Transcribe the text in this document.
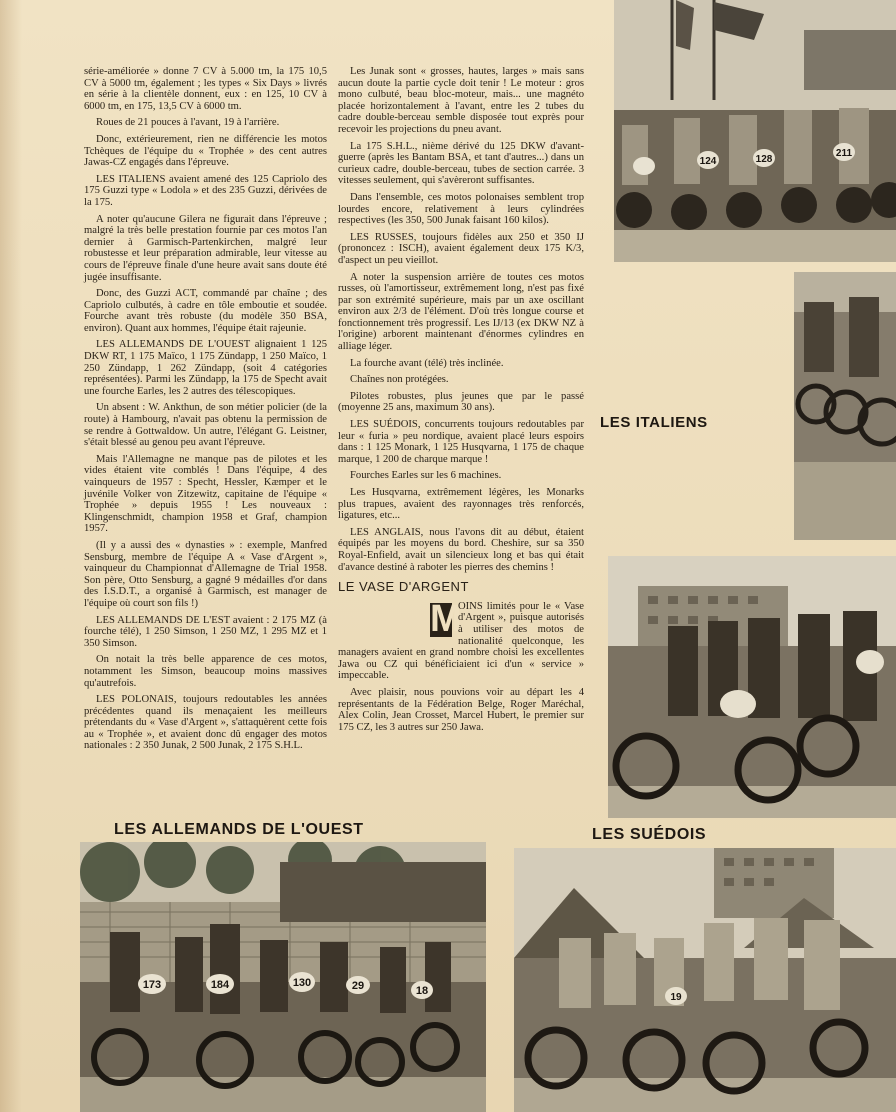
série-améliorée » donne 7 CV à 5.000 tm, la 175 10,5 CV à 5000 tm, également ; les types « Six Days » livrés en série à la clientèle donnent, eux : en 125, 10 CV à 6000 tm, en 175, 13,5 CV à 6000 tm.

Roues de 21 pouces à l'avant, 19 à l'arrière.

Donc, extérieurement, rien ne différencie les motos Tchèques de l'équipe du « Trophée » des cent autres Jawas-CZ engagés dans l'épreuve.

LES ITALIENS avaient amené des 125 Capriolo des 175 Guzzi type « Lodola » et des 235 Guzzi, dérivées de la 175.

A noter qu'aucune Gilera ne figurait dans l'épreuve ; malgré la très belle prestation fournie par ces motos l'an dernier à Garmisch-Partenkirchen, malgré leur robustesse et leur préparation admirable, leur vitesse au cours de l'épreuve finale d'une heure avait sans doute été jugée insuffisante.

Donc, des Guzzi ACT, commandé par chaîne ; des Capriolo culbutés, à cadre en tôle emboutie et soudée. Fourche avant très robuste (du modèle 350 BSA, environ). Quant aux hommes, l'équipe était rajeunie.

LES ALLEMANDS DE L'OUEST alignaient 1 125 DKW RT, 1 175 Maïco, 1 175 Zündapp, 1 250 Maïco, 1 250 Zündapp, 1 262 Zündapp, (soit 4 catégories représentées). Parmi les Zündapp, la 175 de Specht avait une fourche Earles, les 2 autres des télescopiques.

Un absent : W. Ankthun, de son métier policier (de la route) à Hambourg, n'avait pas obtenu la permission de se rendre à Gottwaldow. Un autre, l'élégant G. Leistner, s'était blessé au genou peu avant l'épreuve.

Mais l'Allemagne ne manque pas de pilotes et les vides étaient vite comblés ! Dans l'équipe, 4 des vainqueurs de 1957 : Specht, Hessler, Kæmper et le juvénile Volker von Zitzewitz, capitaine de l'équipe « Trophée » depuis 1955 ! Les nouveaux : Klingenschmidt, champion 1958 et Graf, champion 1957.

(Il y a aussi des « dynasties » : exemple, Manfred Sensburg, membre de l'équipe A « Vase d'Argent », vainqueur du Championnat d'Allemagne de Trial 1958. Son père, Otto Sensburg, a gagné 9 médailles d'or dans des I.S.D.T., a organisé à Garmisch, est manager de l'équipe où court son fils !)

LES ALLEMANDS DE L'EST avaient : 2 175 MZ (à fourche télé), 1 250 Simson, 1 250 MZ, 1 295 MZ et 1 350 Simson.

On notait la très belle apparence de ces motos, notamment les Simson, beaucoup moins massives qu'autrefois.

LES POLONAIS, toujours redoutables les années précédentes quand ils menaçaient les meilleurs prétendants du « Vase d'Argent », s'attaquèrent cette fois au « Trophée », et avaient donc dû engager des motos nationales : 2 350 Junak, 2 500 Junak, 2 175 S.H.L.

Les Junak sont « grosses, hautes, larges » mais sans aucun doute la partie cycle doit tenir ! Le moteur : gros mono culbuté, beau bloc-moteur, mais... une magnéto placée horizontalement à l'avant, entre les 2 tubes du cadre double-berceau semble disposée tout exprès pour recevoir les projections du pneu avant.

La 175 S.H.L., nième dérivé du 125 DKW d'avant-guerre (après les Bantam BSA, et tant d'autres...) dans un curieux cadre, double-berceau, tubes de section carrée. 3 vitesses seulement, qui s'avèreront suffisantes.

Dans l'ensemble, ces motos polonaises semblent trop lourdes encore, relativement à leurs cylindrées respectives (les 350, 500 Junak faisant 160 kilos).

LES RUSSES, toujours fidèles aux 250 et 350 IJ (prononcez : ISCH), avaient également deux 175 K/3, d'aspect un peu vieillot.

A noter la suspension arrière de toutes ces motos russes, où l'amortisseur, extrêmement long, n'est pas fixé par son extrémité supérieure, mais par un axe oscillant environ aux 2/3 de l'élément. D'où très longue course et fonctionnement très progressif. Les IJ/13 (ex DKW NZ à l'origine) arborent maintenant d'énormes cylindres en alliage léger.

La fourche avant (télé) très inclinée.

Chaînes non protégées.

Pilotes robustes, plus jeunes que par le passé (moyenne 25 ans, maximum 30 ans).

LES SUÉDOIS, concurrents toujours redoutables par leur « furia » peu nordique, avaient placé leurs espoirs dans : 1 125 Monark, 1 125 Husqvarna, 1 175 de chaque marque, 1 200 de charque marque !

Fourches Earles sur les 6 machines.

Les Husqvarna, extrêmement légères, les Monarks plus trapues, avaient des rayonnages très renforcés, ligatures, etc...

LES ANGLAIS, nous l'avons dit au début, étaient équipés par les moyens du bord. Cheshire, sur sa 350 Royal-Enfield, avait un silencieux long et bas qui était d'avance destiné à raboter les pierres des chemins !

LE VASE D'ARGENT

M
OINS limités pour le « Vase d'Argent », puisque autorisés à utiliser des motos de nationalité quelconque, les managers avaient en grand nombre choisi les excellentes Jawa ou CZ qui bénéficiaient ici d'un « service » impeccable.

Avec plaisir, nous pouvions voir au départ les 4 représentants de la Fédération Belge, Roger Maréchal, Alex Colin, Jean Crosset, Marcel Hubert, le premier sur 175 CZ, les 3 autres sur 250 Jawa.

LES ITALIENS
LES ALLEMANDS DE L'OUEST	LES SUÉDOIS
124	128
211
173	184	130	29	18
19
